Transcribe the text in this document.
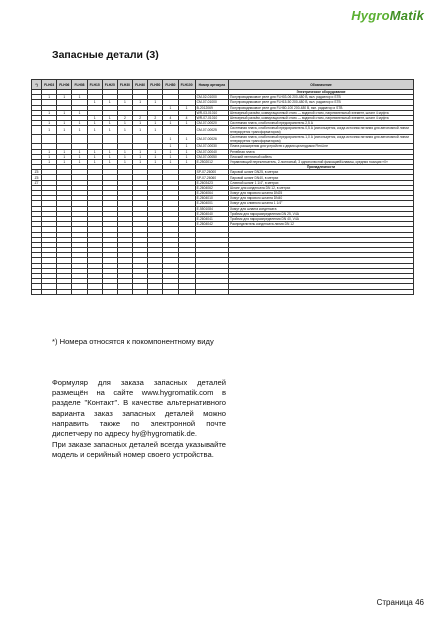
HygroMatik
Запасные детали (3)
*)	FLH03	FLH06	FLH08	FLH15	FLH25	FLH30	FLH40	FLH50	FLH80	FLH100	Номер артикула	Обозначение
												Электрическое оборудование
	1	1	1								CM-02-01000	Полупроводниковое реле для FLH03-06 200-480 В, вкл. радиатор и STB
				1	1	1	1	1			CM-07-01000	Полупроводниковое реле для FLH15-50 200-480 В, вкл. радиатор и STB
									1	1	B-2012069	Полупроводниковое реле для FLH80-100 200-480 В, вкл. радиатор и STB
	1	1	1								WR-03-01010	Штекерный разъём, коммутационный отсек — водяной отсек, нагревательный элемент, шланг 4 муфта
				1	1	2	2	2	4	4	WR-07-01010	Штекерный разъём, коммутационный отсек — водяной отсек, нагревательный элемент, шланг 4 муфта
	1	1	1	1	1	1	1	1	1	1	CM-07-00020	Системная плата, слаботочный предохранитель 2,5 А
	1	1	1	1	1	1	1	1			CM-07-00025	Системная плата, слаботочный предохранитель 0,5 А (используется, когда источник питания для автономной линии генерируется трансформатором)
									1	1	CM-07-00026	Системная плата, слаботочный предохранитель 1,0 А (используется, когда источник питания для автономной линии генерируется трансформатором)
									1	1	CM-07-00030	Плата расширения для устройств с двумя цилиндрами FlexLine
	1	1	1	1	1	1	1	1	1	1	CM-07-00040	Релейная плата
	1	1	1	1	1	1	1	1	1	1	CM-07-00050	Плоский ленточный кабель
	1	1	1	1	1	1	1	1	1	1	E-2502012	Управляющий переключатель, 2-полюсный, 3 однополюсной фиксацией/клавиш, средняя позиция «0»
												Принадлежности
Z5											SP-07-26000	Паровой шланг DN25, в метрах
Z5											SP-07-26060	Паровой шланг DN40, в метрах
Z7											E-2603423	Сливной шланг 1 1/4", в метрах
											E-2604062	Шланг для конденсата DN 12, в метрах
											E-2604064	Хомут для парового шланга DN25
											E-2604010	Хомут для парового шланга DN40
											E-2604001	Хомут для сливного шланга 1 1/4"
											E-5501084	Хомут для шланга конденсата
											E-2604040	Тройник для пароразпределения DN 25, V4A
											E-2604041	Тройник для пароразпределения DN 40, V4A
											E-2604042	Распределитель конденсата линия DN 12

*) Номера относятся к покомпонентному виду
Формуляр для заказа запасных деталей размещён на сайте www.hygromatik.com в разделе "Контакт". В качестве альтернативного варианта заказ запасных деталей можно направить также по электронной почте диспетчеру по адресу hy@hygromatik.de.
При заказе запасных деталей всегда указывайте модель и серийный номер своего устройства.
Страница 46
